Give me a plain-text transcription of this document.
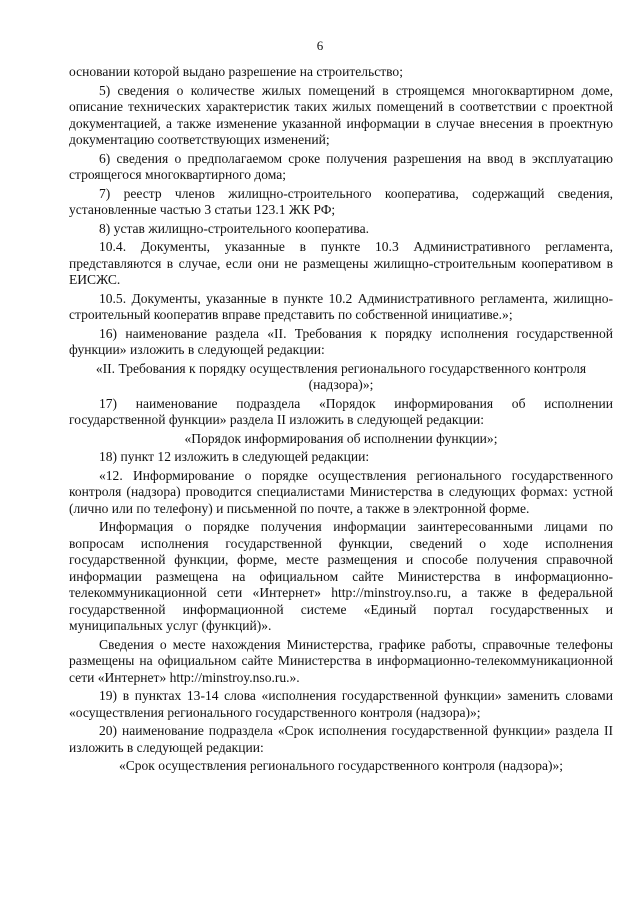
6

основании которой выдано разрешение на строительство;

5) сведения о количестве жилых помещений в строящемся многоквартирном доме, описание технических характеристик таких жилых помещений в соответствии с проектной документацией, а также изменение указанной информации в случае внесения в проектную документацию соответствующих изменений;

6) сведения о предполагаемом сроке получения разрешения на ввод в эксплуатацию строящегося многоквартирного дома;

7) реестр членов жилищно-строительного кооператива, содержащий сведения, установленные частью 3 статьи 123.1 ЖК РФ;

8) устав жилищно-строительного кооператива.

10.4. Документы, указанные в пункте 10.3 Административного регламента, представляются в случае, если они не размещены жилищно-строительным кооперативом в ЕИСЖС.

10.5. Документы, указанные в пункте 10.2 Административного регламента, жилищно-строительный кооператив вправе представить по собственной инициативе.»;

16) наименование раздела «II. Требования к порядку исполнения государственной функции» изложить в следующей редакции:

«II. Требования к порядку осуществления регионального государственного контроля (надзора)»;

17) наименование подраздела «Порядок информирования об исполнении государственной функции» раздела II изложить в следующей редакции:

«Порядок информирования об исполнении функции»;

18) пункт 12 изложить в следующей редакции:

«12. Информирование о порядке осуществления регионального государственного контроля (надзора) проводится специалистами Министерства в следующих формах: устной (лично или по телефону) и письменной по почте, а также в электронной форме.

Информация о порядке получения информации заинтересованными лицами по вопросам исполнения государственной функции, сведений о ходе исполнения государственной функции, форме, месте размещения и способе получения справочной информации размещена на официальном сайте Министерства в информационно-телекоммуникационной сети «Интернет» http://minstroy.nso.ru, а также в федеральной государственной информационной системе «Единый портал государственных и муниципальных услуг (функций)».

Сведения о месте нахождения Министерства, графике работы, справочные телефоны размещены на официальном сайте Министерства в информационно-телекоммуникационной сети «Интернет» http://minstroy.nso.ru.».

19) в пунктах 13-14 слова «исполнения государственной функции» заменить словами «осуществления регионального государственного контроля (надзора)»;

20) наименование подраздела «Срок исполнения государственной функции» раздела II изложить в следующей редакции:

«Срок осуществления регионального государственного контроля (надзора)»;
